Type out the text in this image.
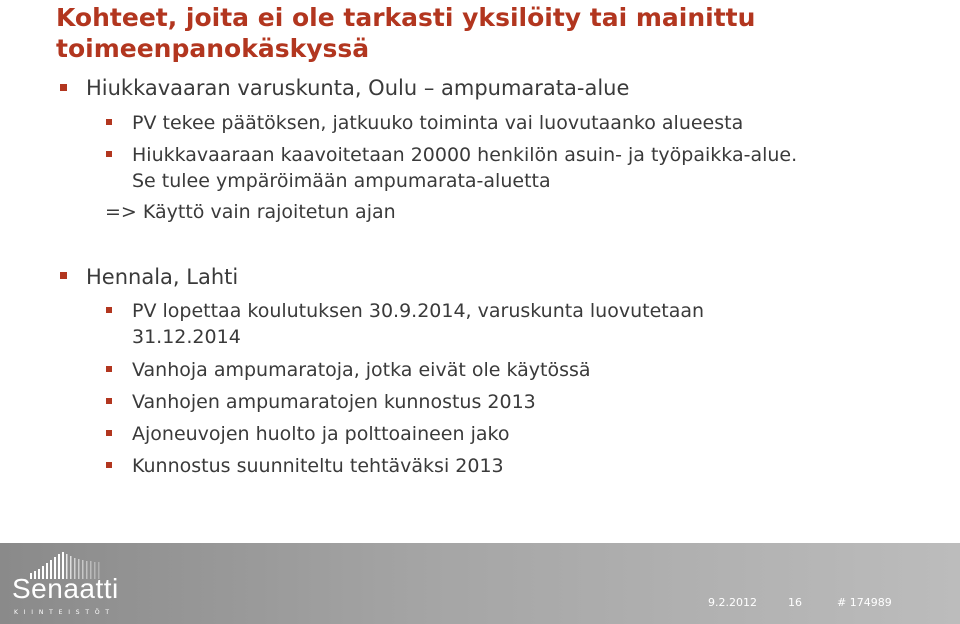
Kohteet, joita ei ole tarkasti yksilöity tai mainittu toimeenpanokäskyssä

Hiukkavaaran varuskunta, Oulu – ampumarata-alue

PV tekee päätöksen, jatkuuko toiminta vai luovutaanko alueesta

Hiukkavaaraan kaavoitetaan 20000 henkilön asuin- ja työpaikka-alue.

Se tulee ympäröimään ampumarata-aluetta

=> Käyttö vain rajoitetun ajan

Hennala, Lahti

PV lopettaa koulutuksen 30.9.2014, varuskunta luovutetaan

31.12.2014

Vanhoja ampumaratoja, jotka eivät ole käytössä

Vanhojen ampumaratojen kunnostus 2013

Ajoneuvojen huolto ja polttoaineen jako

Kunnostus suunniteltu tehtäväksi 2013

Senaatti
KIINTEISTÖT
9.2.2012	16	# 174989
